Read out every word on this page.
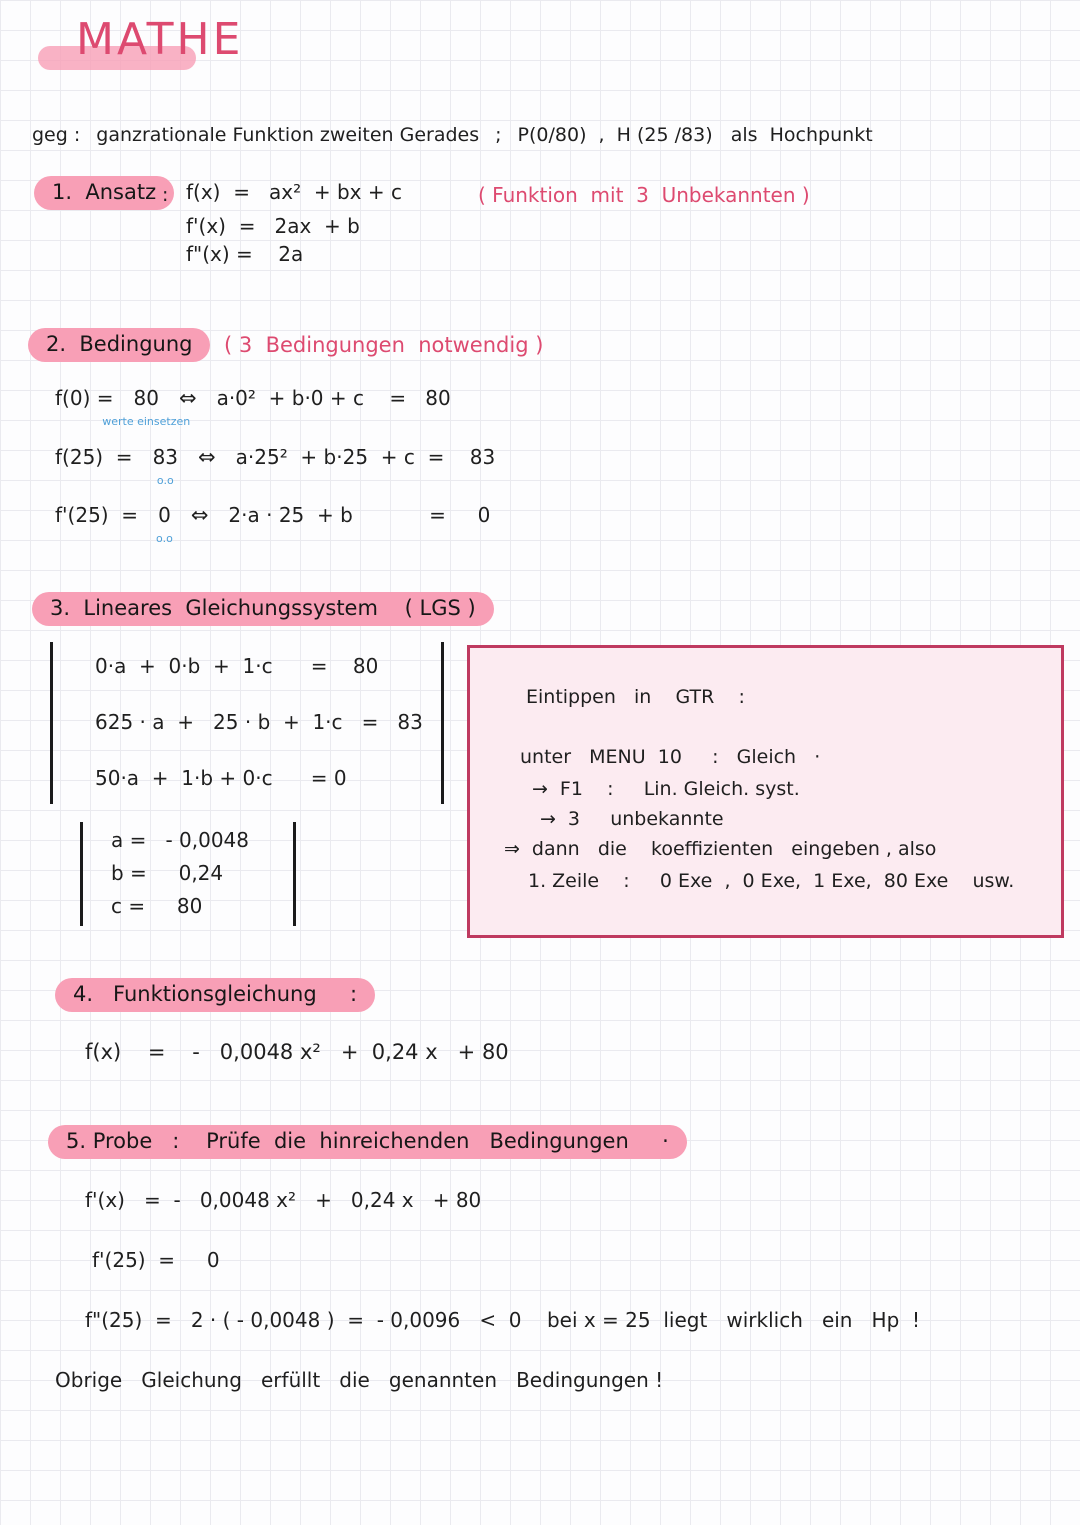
MATHE
geg : ganzrationale Funktion zweiten Gerades ; P(0/80)  ,  H (25 /83)   als  Hochpunkt
1.  Ansatz : f(x)  =   ax²  + bx + c	( Funktion  mit  3  Unbekannten )
f'(x)  =   2ax  + b
f"(x) =    2a
2.  Bedingung	( 3  Bedingungen  notwendig )
f(0) = 80
werte einsetzen
⇔ a·0²  + b·0 + c    =   80
f(25)  = 83
o.o
⇔ a·25²  + b·25  + c  =    83
f'(25)  = 0
o.o
⇔ 2·a · 25  + b            =     0
3.  Lineares  Gleichungssystem    ( LGS )
0·a  +  0·b  +  1·c      =    80
625 · a  +   25 · b  +  1·c   =   83
50·a  +  1·b + 0·c      = 0
a =   - 0,0048
b =     0,24
c =     80
Eintippen   in    GTR    :
unter   MENU  10     :   Gleich   ·
→ F1    :     Lin. Gleich. syst.
→ 3     unbekannte
⇒ dann   die    koeffizienten   eingeben , also
1. Zeile    :     0 Exe  ,  0 Exe,  1 Exe,  80 Exe    usw.
4.   Funktionsgleichung     :
f(x)    =    -   0,0048 x²   +  0,24 x   + 80
5. Probe   :    Prüfe  die  hinreichenden   Bedingungen     ·
f'(x)   =  -   0,0048 x²   +   0,24 x   + 80
f'(25)  =     0
f"(25)  =   2 · ( - 0,0048 )  =  - 0,0096   <  0    bei x = 25  liegt   wirklich   ein   Hp  !
Obrige   Gleichung   erfüllt   die   genannten   Bedingungen !
